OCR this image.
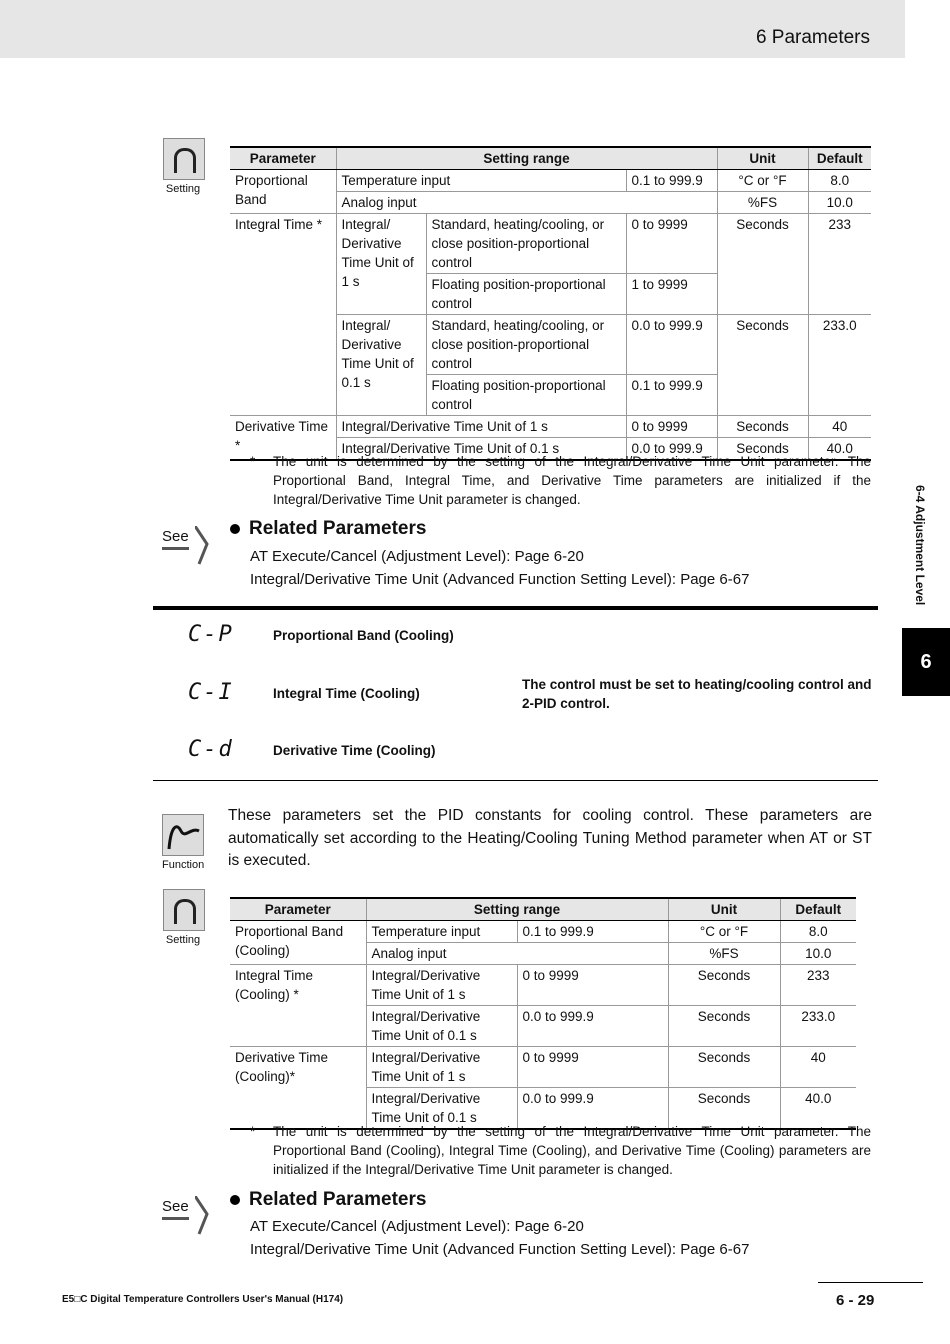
6 Parameters
6-4 Adjustment Level
6
Setting
Parameter	Setting range			Unit	Default
Proportional Band	Temperature input		0.1 to 999.9	°C or °F	8.0
	Analog input			%FS	10.0
Integral Time *	Integral/ Derivative Time Unit of 1 s	Standard, heating/cooling, or close position-proportional control	0 to 9999	Seconds	233
		Floating position-proportional control	1 to 9999		
	Integral/ Derivative Time Unit of 0.1 s	Standard, heating/cooling, or close position-proportional control	0.0 to 999.9	Seconds	233.0
		Floating position-proportional control	0.1 to 999.9		
Derivative Time *	Integral/Derivative Time Unit of 1 s		0 to 9999	Seconds	40
	Integral/Derivative Time Unit of 0.1 s		0.0 to 999.9	Seconds	40.0
* The unit is determined by the setting of the Integral/Derivative Time Unit parameter. The Proportional Band, Integral Time, and Derivative Time parameters are initialized if the Integral/Derivative Time Unit parameter is changed.
See	Related Parameters
AT Execute/Cancel (Adjustment Level): Page 6-20
Integral/Derivative Time Unit (Advanced Function Setting Level): Page 6-67
C-P	Proportional Band (Cooling)
C-I	Integral Time (Cooling)
The control must be set to heating/cooling control and 2-PID control.
C-d	Derivative Time (Cooling)
Function
These parameters set the PID constants for cooling control. These parameters are automatically set according to the Heating/Cooling Tuning Method parameter when AT or ST is executed.
Setting
Parameter	Setting range		Unit	Default
Proportional Band (Cooling)	Temperature input	0.1 to 999.9	°C or °F	8.0
	Analog input		%FS	10.0
Integral Time (Cooling) *	Integral/Derivative Time Unit of 1 s	0 to 9999	Seconds	233
	Integral/Derivative Time Unit of 0.1 s	0.0 to 999.9	Seconds	233.0
Derivative Time (Cooling)*	Integral/Derivative Time Unit of 1 s	0 to 9999	Seconds	40
	Integral/Derivative Time Unit of 0.1 s	0.0 to 999.9	Seconds	40.0
* The unit is determined by the setting of the Integral/Derivative Time Unit parameter. The Proportional Band (Cooling), Integral Time (Cooling), and Derivative Time (Cooling) parameters are initialized if the Integral/Derivative Time Unit parameter is changed.
See	Related Parameters
AT Execute/Cancel (Adjustment Level): Page 6-20
Integral/Derivative Time Unit (Advanced Function Setting Level): Page 6-67
E5□C Digital Temperature Controllers User's Manual (H174)	6 - 29
